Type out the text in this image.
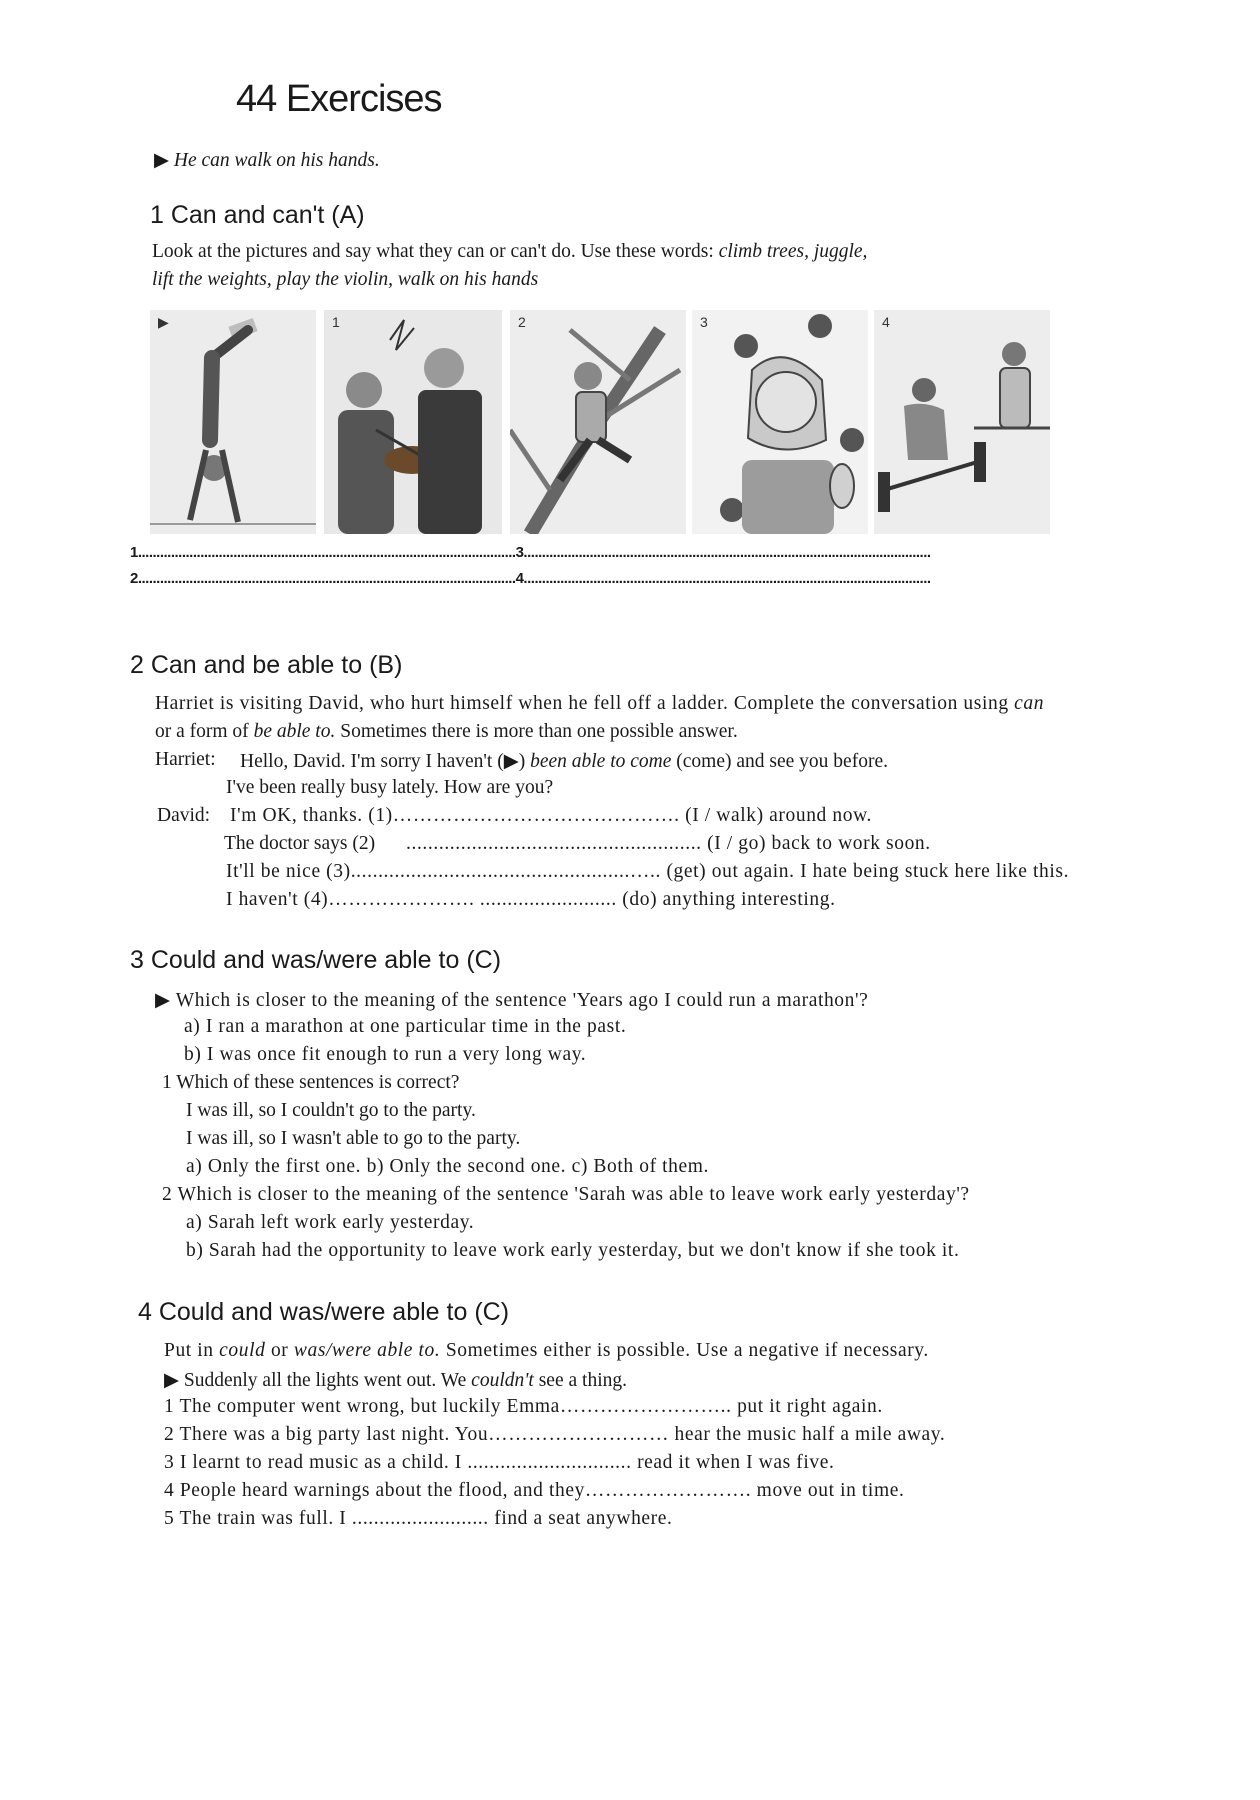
44 Exercises
▶ He can walk on his hands.
1 Can and can't (A)
Look at the pictures and say what they can or can't do. Use these words: climb trees, juggle,
lift the weights, play the violin, walk on his hands
▶	1	2	3	4
1.......................................................................................................3...............................................................................................................
2.......................................................................................................4...............................................................................................................
2 Can and be able to (B)
Harriet is visiting David, who hurt himself when he fell off a ladder. Complete the conversation using can
or a form of be able to. Sometimes there is more than one possible answer.
Harriet: Hello, David. I'm sorry I haven't (▶) been able to come (come) and see you before.
I've been really busy lately. How are you?
David: I'm OK, thanks. (1)……………………………………. (I / walk) around now.
The doctor says (2) ...................................................... (I / go) back to work soon.
It'll be nice (3)...................................................….. (get) out again. I hate being stuck here like this.
I haven't (4)…………………. ......................... (do) anything interesting.
3 Could and was/were able to (C)
▶ Which is closer to the meaning of the sentence 'Years ago I could run a marathon'?
a) I ran a marathon at one particular time in the past.
b) I was once fit enough to run a very long way.
1 Which of these sentences is correct?
I was ill, so I couldn't go to the party.
I was ill, so I wasn't able to go to the party.
a) Only the first one. b) Only the second one. c) Both of them.
2 Which is closer to the meaning of the sentence 'Sarah was able to leave work early yesterday'?
a) Sarah left work early yesterday.
b) Sarah had the opportunity to leave work early yesterday, but we don't know if she took it.
4 Could and was/were able to (C)
Put in could or was/were able to. Sometimes either is possible. Use a negative if necessary.
▶ Suddenly all the lights went out. We couldn't see a thing.
1 The computer went wrong, but luckily Emma…………………….. put it right again.
2 There was a big party last night. You……………………… hear the music half a mile away.
3 I learnt to read music as a child. I .............................. read it when I was five.
4 People heard warnings about the flood, and they……………………. move out in time.
5 The train was full. I ......................... find a seat anywhere.
